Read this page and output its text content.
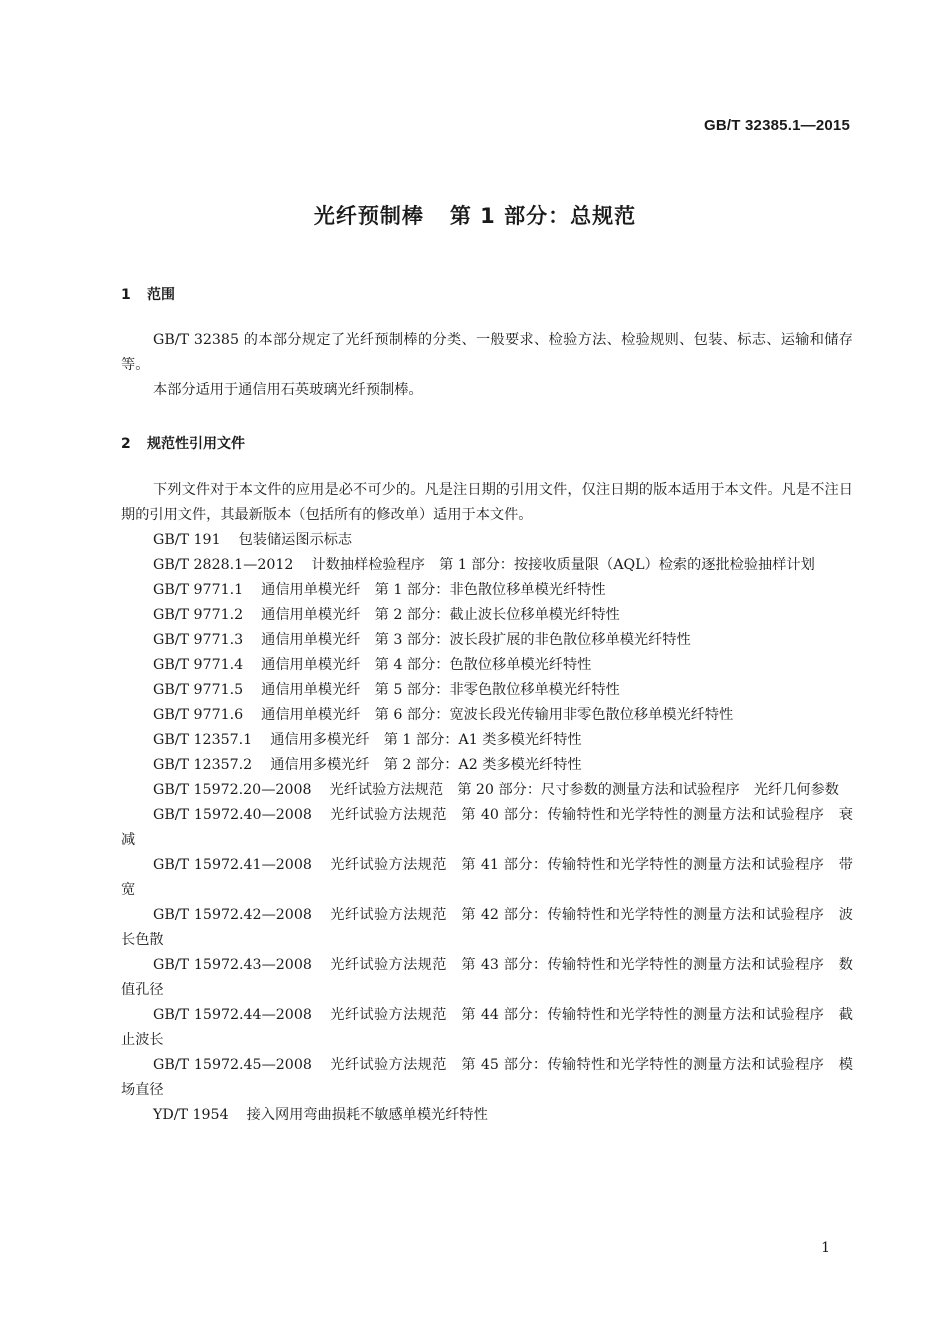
GB/T 32385.1—2015
光纤预制棒 第 1 部分：总规范
1 范围

GB/T 32385 的本部分规定了光纤预制棒的分类、一般要求、检验方法、检验规则、包装、标志、运输和储存等。

本部分适用于通信用石英玻璃光纤预制棒。

2 规范性引用文件

下列文件对于本文件的应用是必不可少的。凡是注日期的引用文件，仅注日期的版本适用于本文件。凡是不注日期的引用文件，其最新版本（包括所有的修改单）适用于本文件。

GB/T 191 包装储运图示标志

GB/T 2828.1—2012 计数抽样检验程序　第 1 部分：按接收质量限（AQL）检索的逐批检验抽样计划

GB/T 9771.1 通信用单模光纤　第 1 部分：非色散位移单模光纤特性

GB/T 9771.2 通信用单模光纤　第 2 部分：截止波长位移单模光纤特性

GB/T 9771.3 通信用单模光纤　第 3 部分：波长段扩展的非色散位移单模光纤特性

GB/T 9771.4 通信用单模光纤　第 4 部分：色散位移单模光纤特性

GB/T 9771.5 通信用单模光纤　第 5 部分：非零色散位移单模光纤特性

GB/T 9771.6 通信用单模光纤　第 6 部分：宽波长段光传输用非零色散位移单模光纤特性

GB/T 12357.1 通信用多模光纤　第 1 部分：A1 类多模光纤特性

GB/T 12357.2 通信用多模光纤　第 2 部分：A2 类多模光纤特性

GB/T 15972.20—2008 光纤试验方法规范　第 20 部分：尺寸参数的测量方法和试验程序　光纤几何参数

GB/T 15972.40—2008 光纤试验方法规范　第 40 部分：传输特性和光学特性的测量方法和试验程序　衰减

GB/T 15972.41—2008 光纤试验方法规范　第 41 部分：传输特性和光学特性的测量方法和试验程序　带宽

GB/T 15972.42—2008 光纤试验方法规范　第 42 部分：传输特性和光学特性的测量方法和试验程序　波长色散

GB/T 15972.43—2008 光纤试验方法规范　第 43 部分：传输特性和光学特性的测量方法和试验程序　数值孔径

GB/T 15972.44—2008 光纤试验方法规范　第 44 部分：传输特性和光学特性的测量方法和试验程序　截止波长

GB/T 15972.45—2008 光纤试验方法规范　第 45 部分：传输特性和光学特性的测量方法和试验程序　模场直径

YD/T 1954 接入网用弯曲损耗不敏感单模光纤特性

1
